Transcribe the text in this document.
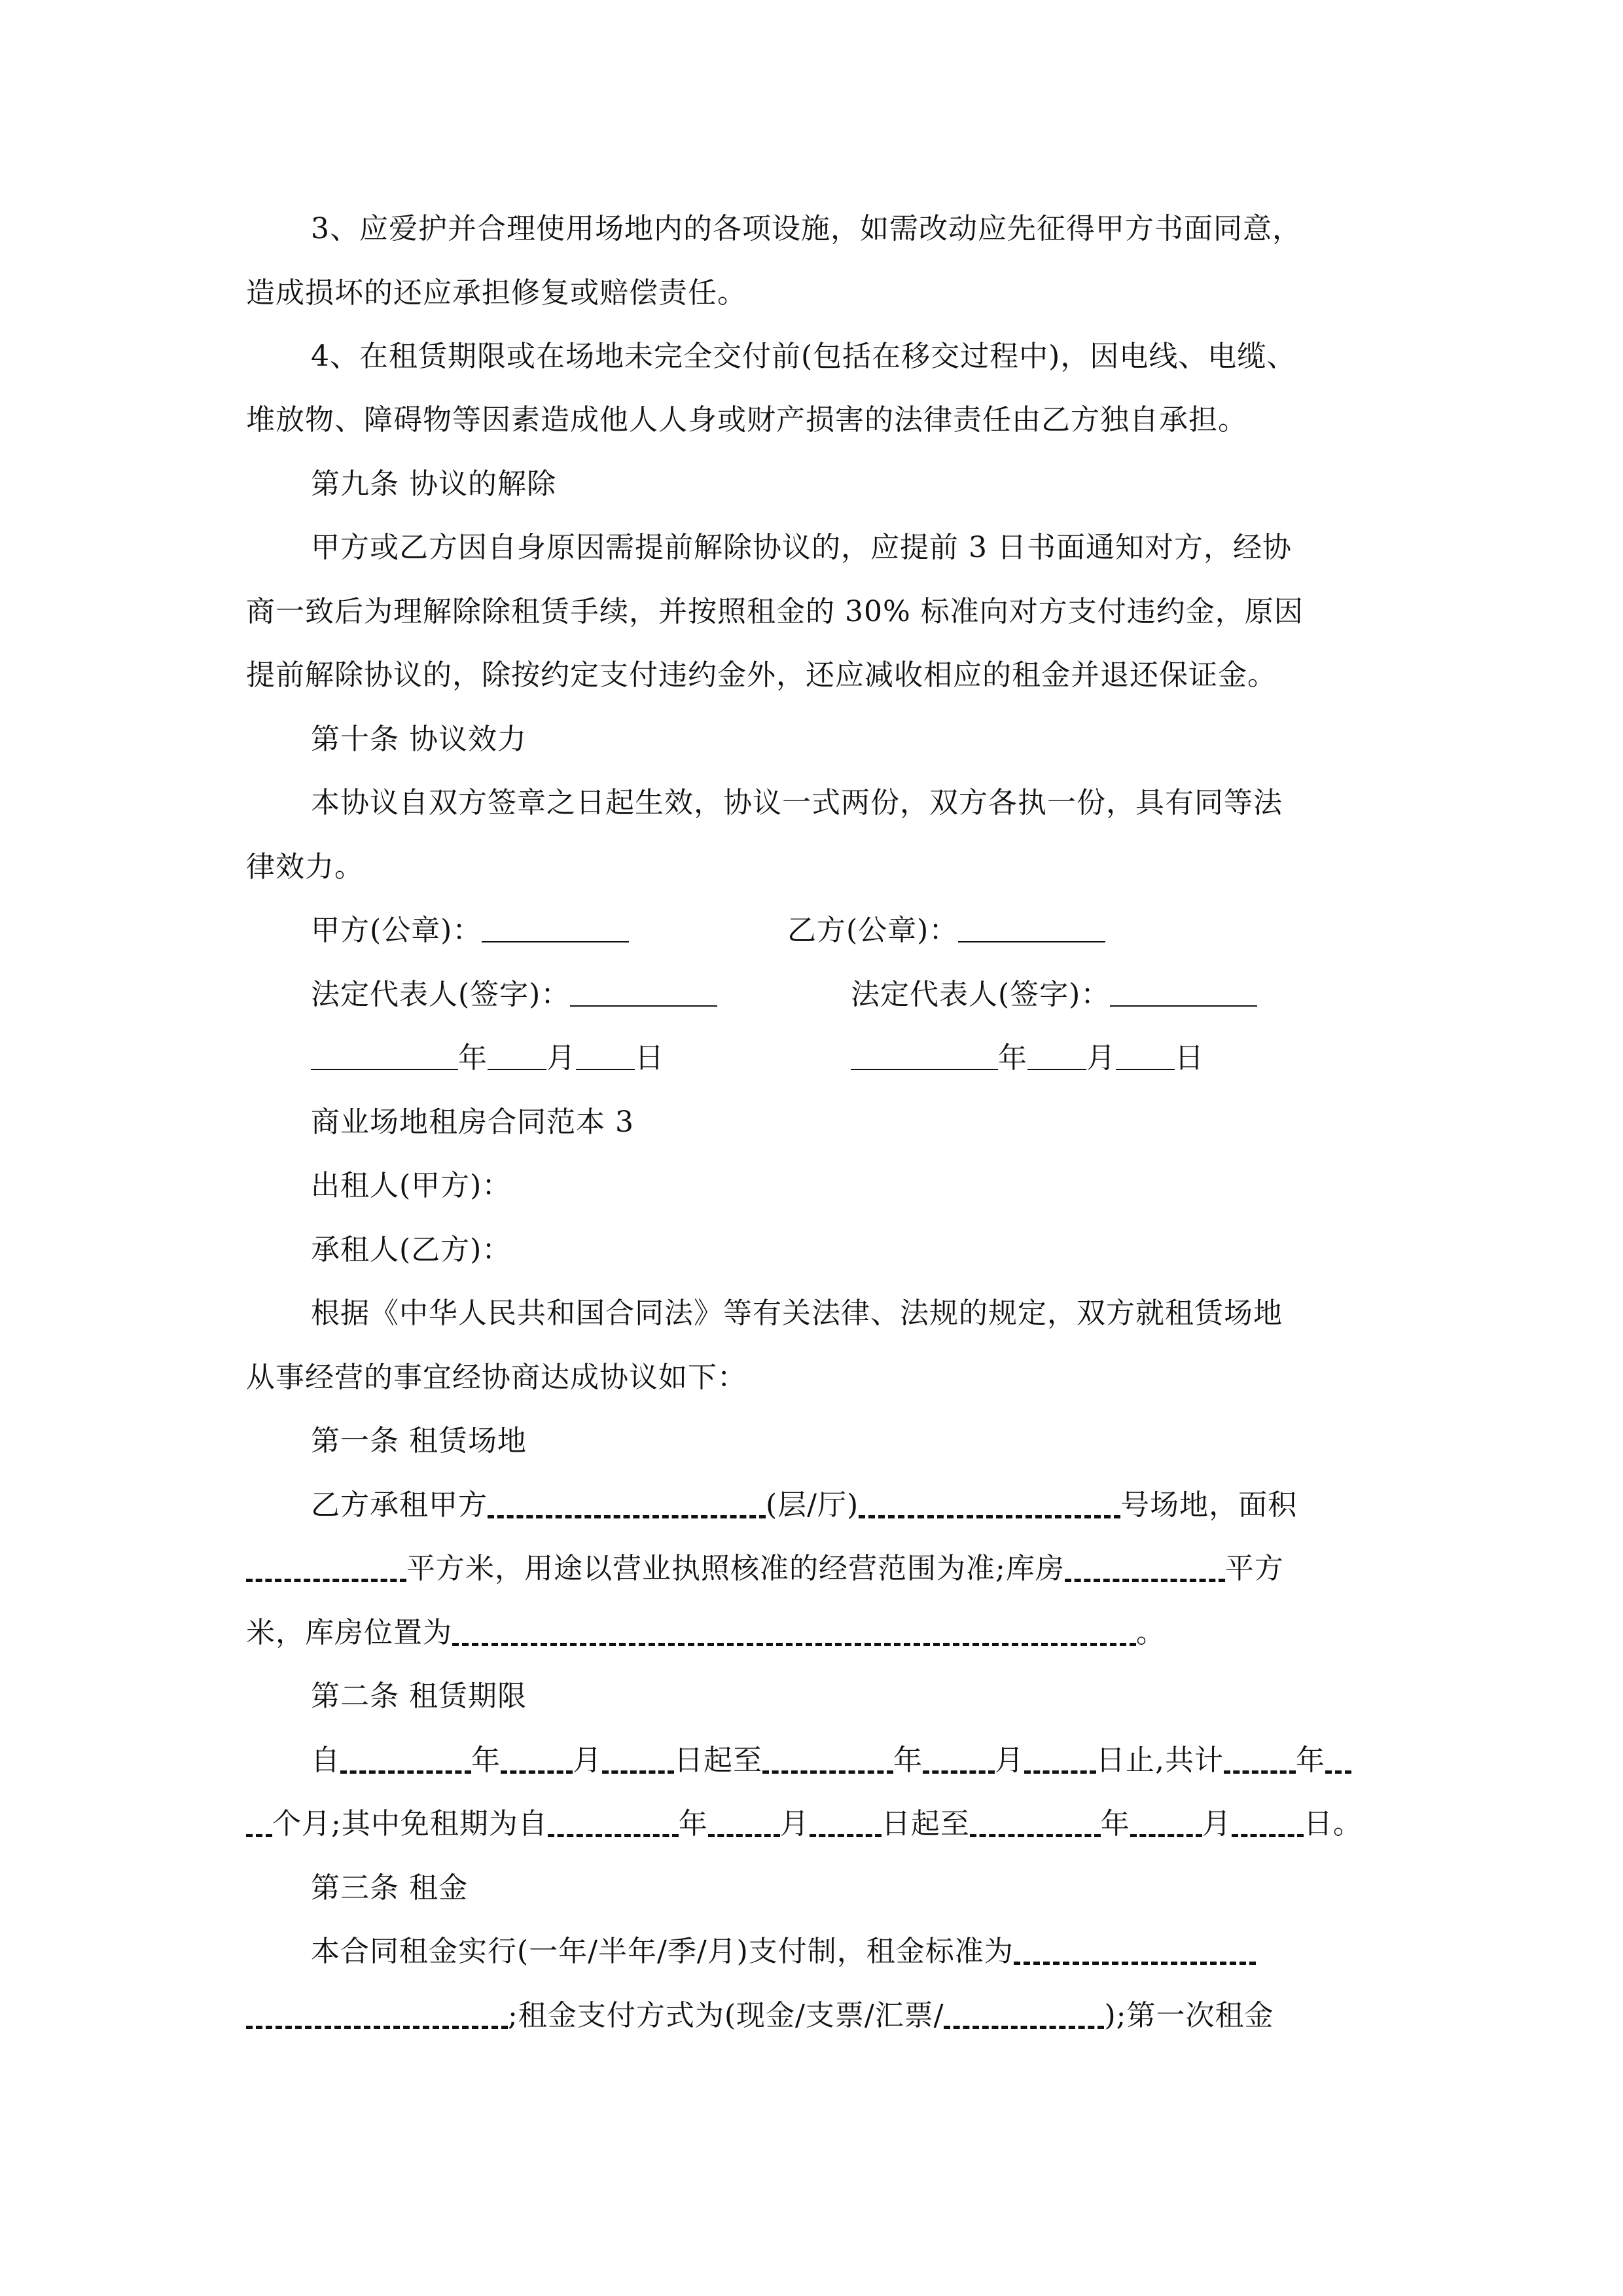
3、应爱护并合理使用场地内的各项设施，如需改动应先征得甲方书面同意，
造成损坏的还应承担修复或赔偿责任。
4、在租赁期限或在场地未完全交付前(包括在移交过程中)，因电线、电缆、
堆放物、障碍物等因素造成他人人身或财产损害的法律责任由乙方独自承担。
第九条 协议的解除
甲方或乙方因自身原因需提前解除协议的，应提前 3 日书面通知对方，经协
商一致后为理解除除租赁手续，并按照租金的 30% 标准向对方支付违约金，原因
提前解除协议的，除按约定支付违约金外，还应减收相应的租金并退还保证金。
第十条 协议效力
本协议自双方签章之日起生效，协议一式两份，双方各执一份，具有同等法
律效力。
甲方(公章)：	乙方(公章)：
法定代表人(签字)：	法定代表人(签字)：
年 月 日	年 月 日
商业场地租房合同范本 3
出租人(甲方)：
承租人(乙方)：
根据《中华人民共和国合同法》等有关法律、法规的规定，双方就租赁场地
从事经营的事宜经协商达成协议如下：
第一条 租赁场地
乙方承租甲方	(层/厅)	号场地，面积
平方米，用途以营业执照核准的经营范围为准;库房	平方
米，库房位置为	。
第二条 租赁期限
自	年	月	日起至	年	月	日止,共计	年
个月;其中免租期为自	年	月	日起至	年	月	日。
第三条 租金
本合同租金实行(一年/半年/季/月)支付制，租金标准为
;租金支付方式为(现金/支票/汇票/	);第一次租金
